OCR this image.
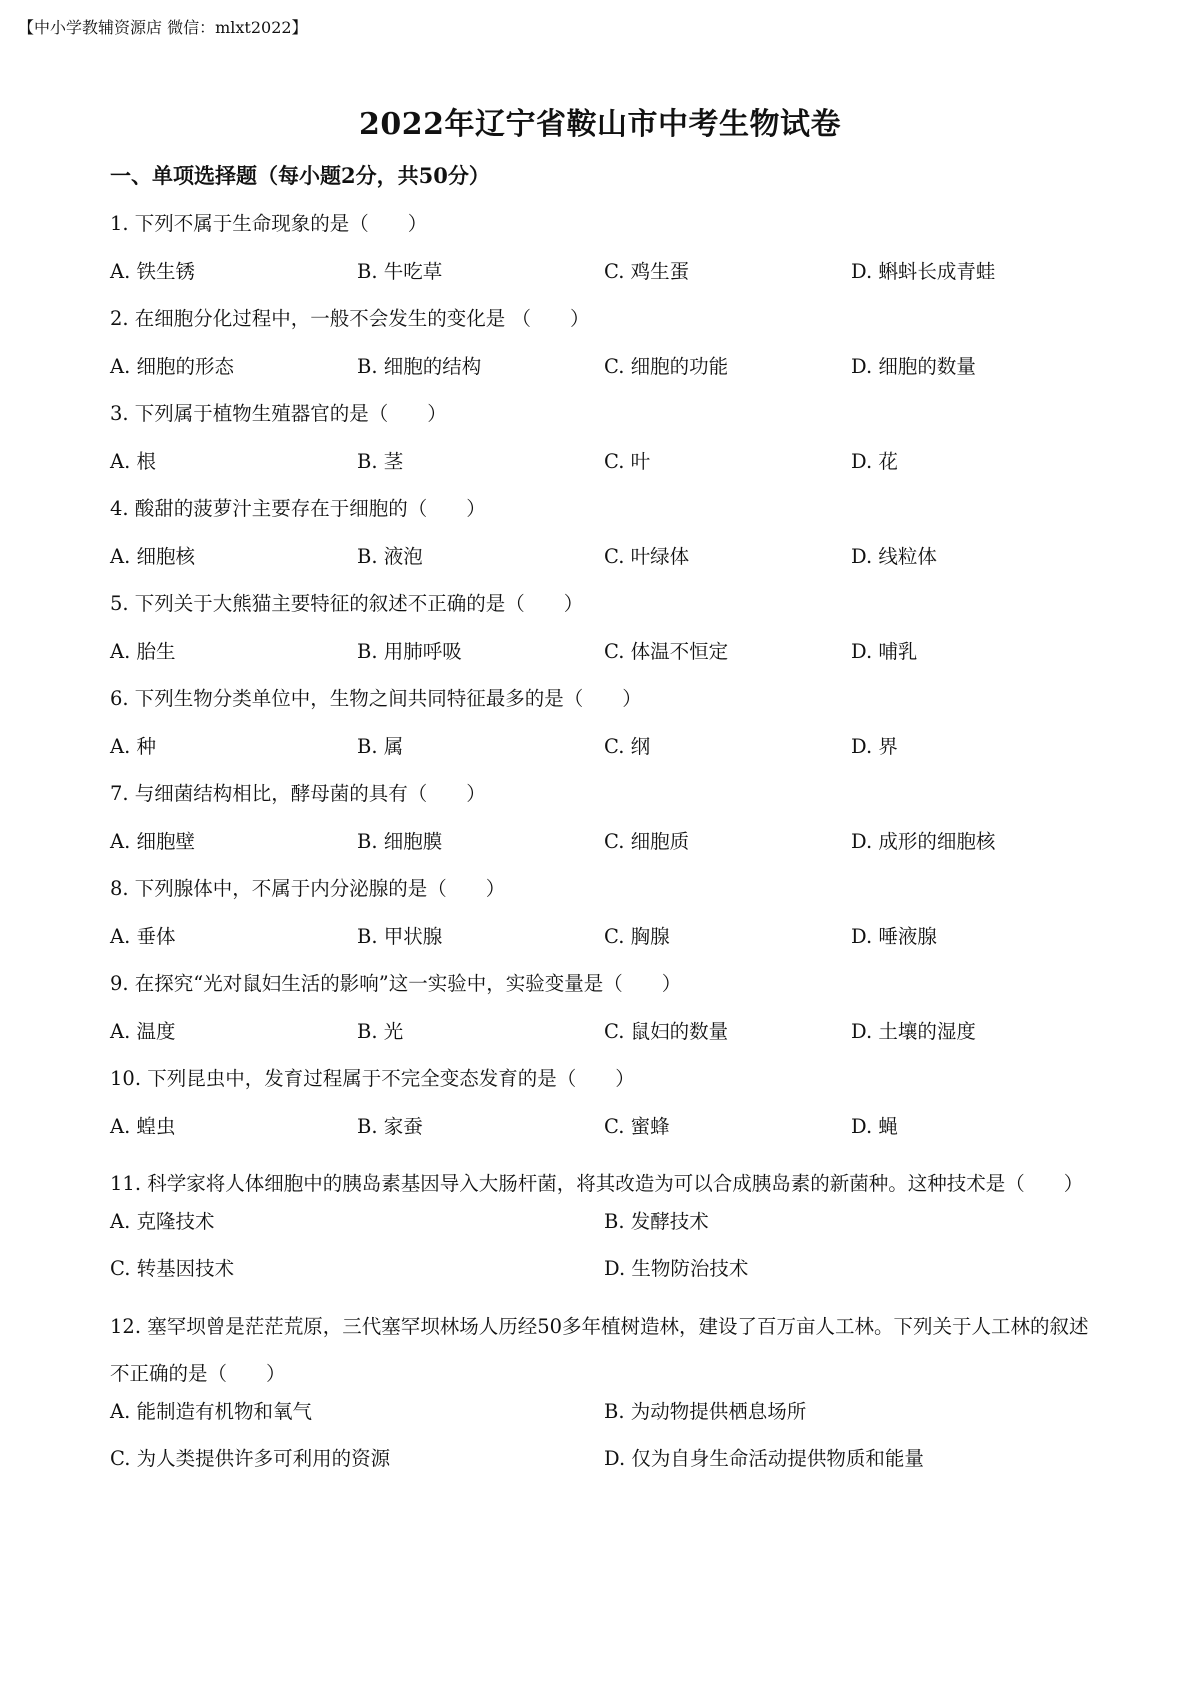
【中小学教辅资源店 微信：mlxt2022】
2022年辽宁省鞍山市中考生物试卷
一、单项选择题（每小题2分，共50分）
1. 下列不属于生命现象的是（　　）
A. 铁生锈	B. 牛吃草	C. 鸡生蛋	D. 蝌蚪长成青蛙
2. 在细胞分化过程中，一般不会发生的变化是 （　　）
A. 细胞的形态	B. 细胞的结构	C. 细胞的功能	D. 细胞的数量
3. 下列属于植物生殖器官的是（　　）
A. 根	B. 茎	C. 叶	D. 花
4. 酸甜的菠萝汁主要存在于细胞的（　　）
A. 细胞核	B. 液泡	C. 叶绿体	D. 线粒体
5. 下列关于大熊猫主要特征的叙述不正确的是（　　）
A. 胎生	B. 用肺呼吸	C. 体温不恒定	D. 哺乳
6. 下列生物分类单位中，生物之间共同特征最多的是（　　）
A. 种	B. 属	C. 纲	D. 界
7. 与细菌结构相比，酵母菌的具有（　　）
A. 细胞壁	B. 细胞膜	C. 细胞质	D. 成形的细胞核
8. 下列腺体中，不属于内分泌腺的是（　　）
A. 垂体	B. 甲状腺	C. 胸腺	D. 唾液腺
9. 在探究“光对鼠妇生活的影响”这一实验中，实验变量是（　　）
A. 温度	B. 光	C. 鼠妇的数量	D. 土壤的湿度
10. 下列昆虫中，发育过程属于不完全变态发育的是（　　）
A. 蝗虫	B. 家蚕	C. 蜜蜂	D. 蝇
11. 科学家将人体细胞中的胰岛素基因导入大肠杆菌，将其改造为可以合成胰岛素的新菌种。这种技术是（　　）
A. 克隆技术	B. 发酵技术
C. 转基因技术	D. 生物防治技术
12. 塞罕坝曾是茫茫荒原，三代塞罕坝林场人历经50多年植树造林，建设了百万亩人工林。下列关于人工林的叙述不正确的是（　　）
A. 能制造有机物和氧气	B. 为动物提供栖息场所
C. 为人类提供许多可利用的资源	D. 仅为自身生命活动提供物质和能量
